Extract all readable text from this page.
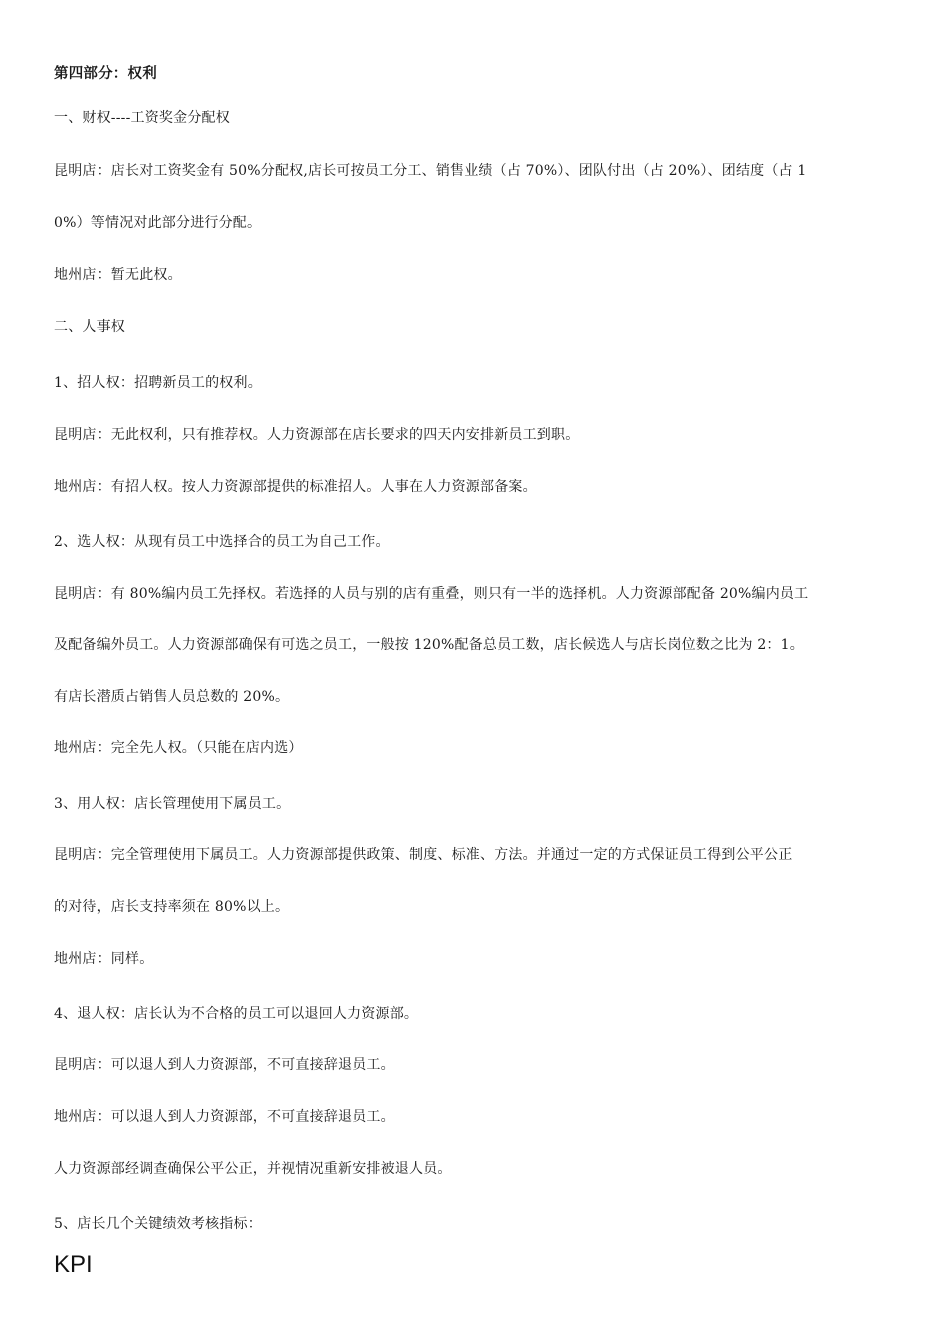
第四部分：权利
一、财权----工资奖金分配权
昆明店：店长对工资奖金有 50%分配权,店长可按员工分工、销售业绩（占 70%）、团队付出（占 20%）、团结度（占 1
0%）等情况对此部分进行分配。
地州店：暂无此权。
二、人事权
1、招人权：招聘新员工的权利。
昆明店：无此权利，只有推荐权。人力资源部在店长要求的四天内安排新员工到职。
地州店：有招人权。按人力资源部提供的标准招人。人事在人力资源部备案。
2、选人权：从现有员工中选择合的员工为自己工作。
昆明店：有 80%编内员工先择权。若选择的人员与别的店有重叠，则只有一半的选择机。人力资源部配备 20%编内员工
及配备编外员工。人力资源部确保有可选之员工，一般按 120%配备总员工数，店长候选人与店长岗位数之比为 2：1。
有店长潜质占销售人员总数的 20%。
地州店：完全先人权。（只能在店内选）
3、用人权：店长管理使用下属员工。
昆明店：完全管理使用下属员工。人力资源部提供政策、制度、标准、方法。并通过一定的方式保证员工得到公平公正
的对待，店长支持率须在 80%以上。
地州店：同样。
4、退人权：店长认为不合格的员工可以退回人力资源部。
昆明店：可以退人到人力资源部，不可直接辞退员工。
地州店：可以退人到人力资源部，不可直接辞退员工。
人力资源部经调查确保公平公正，并视情况重新安排被退人员。
5、店长几个关键绩效考核指标：
KPI
